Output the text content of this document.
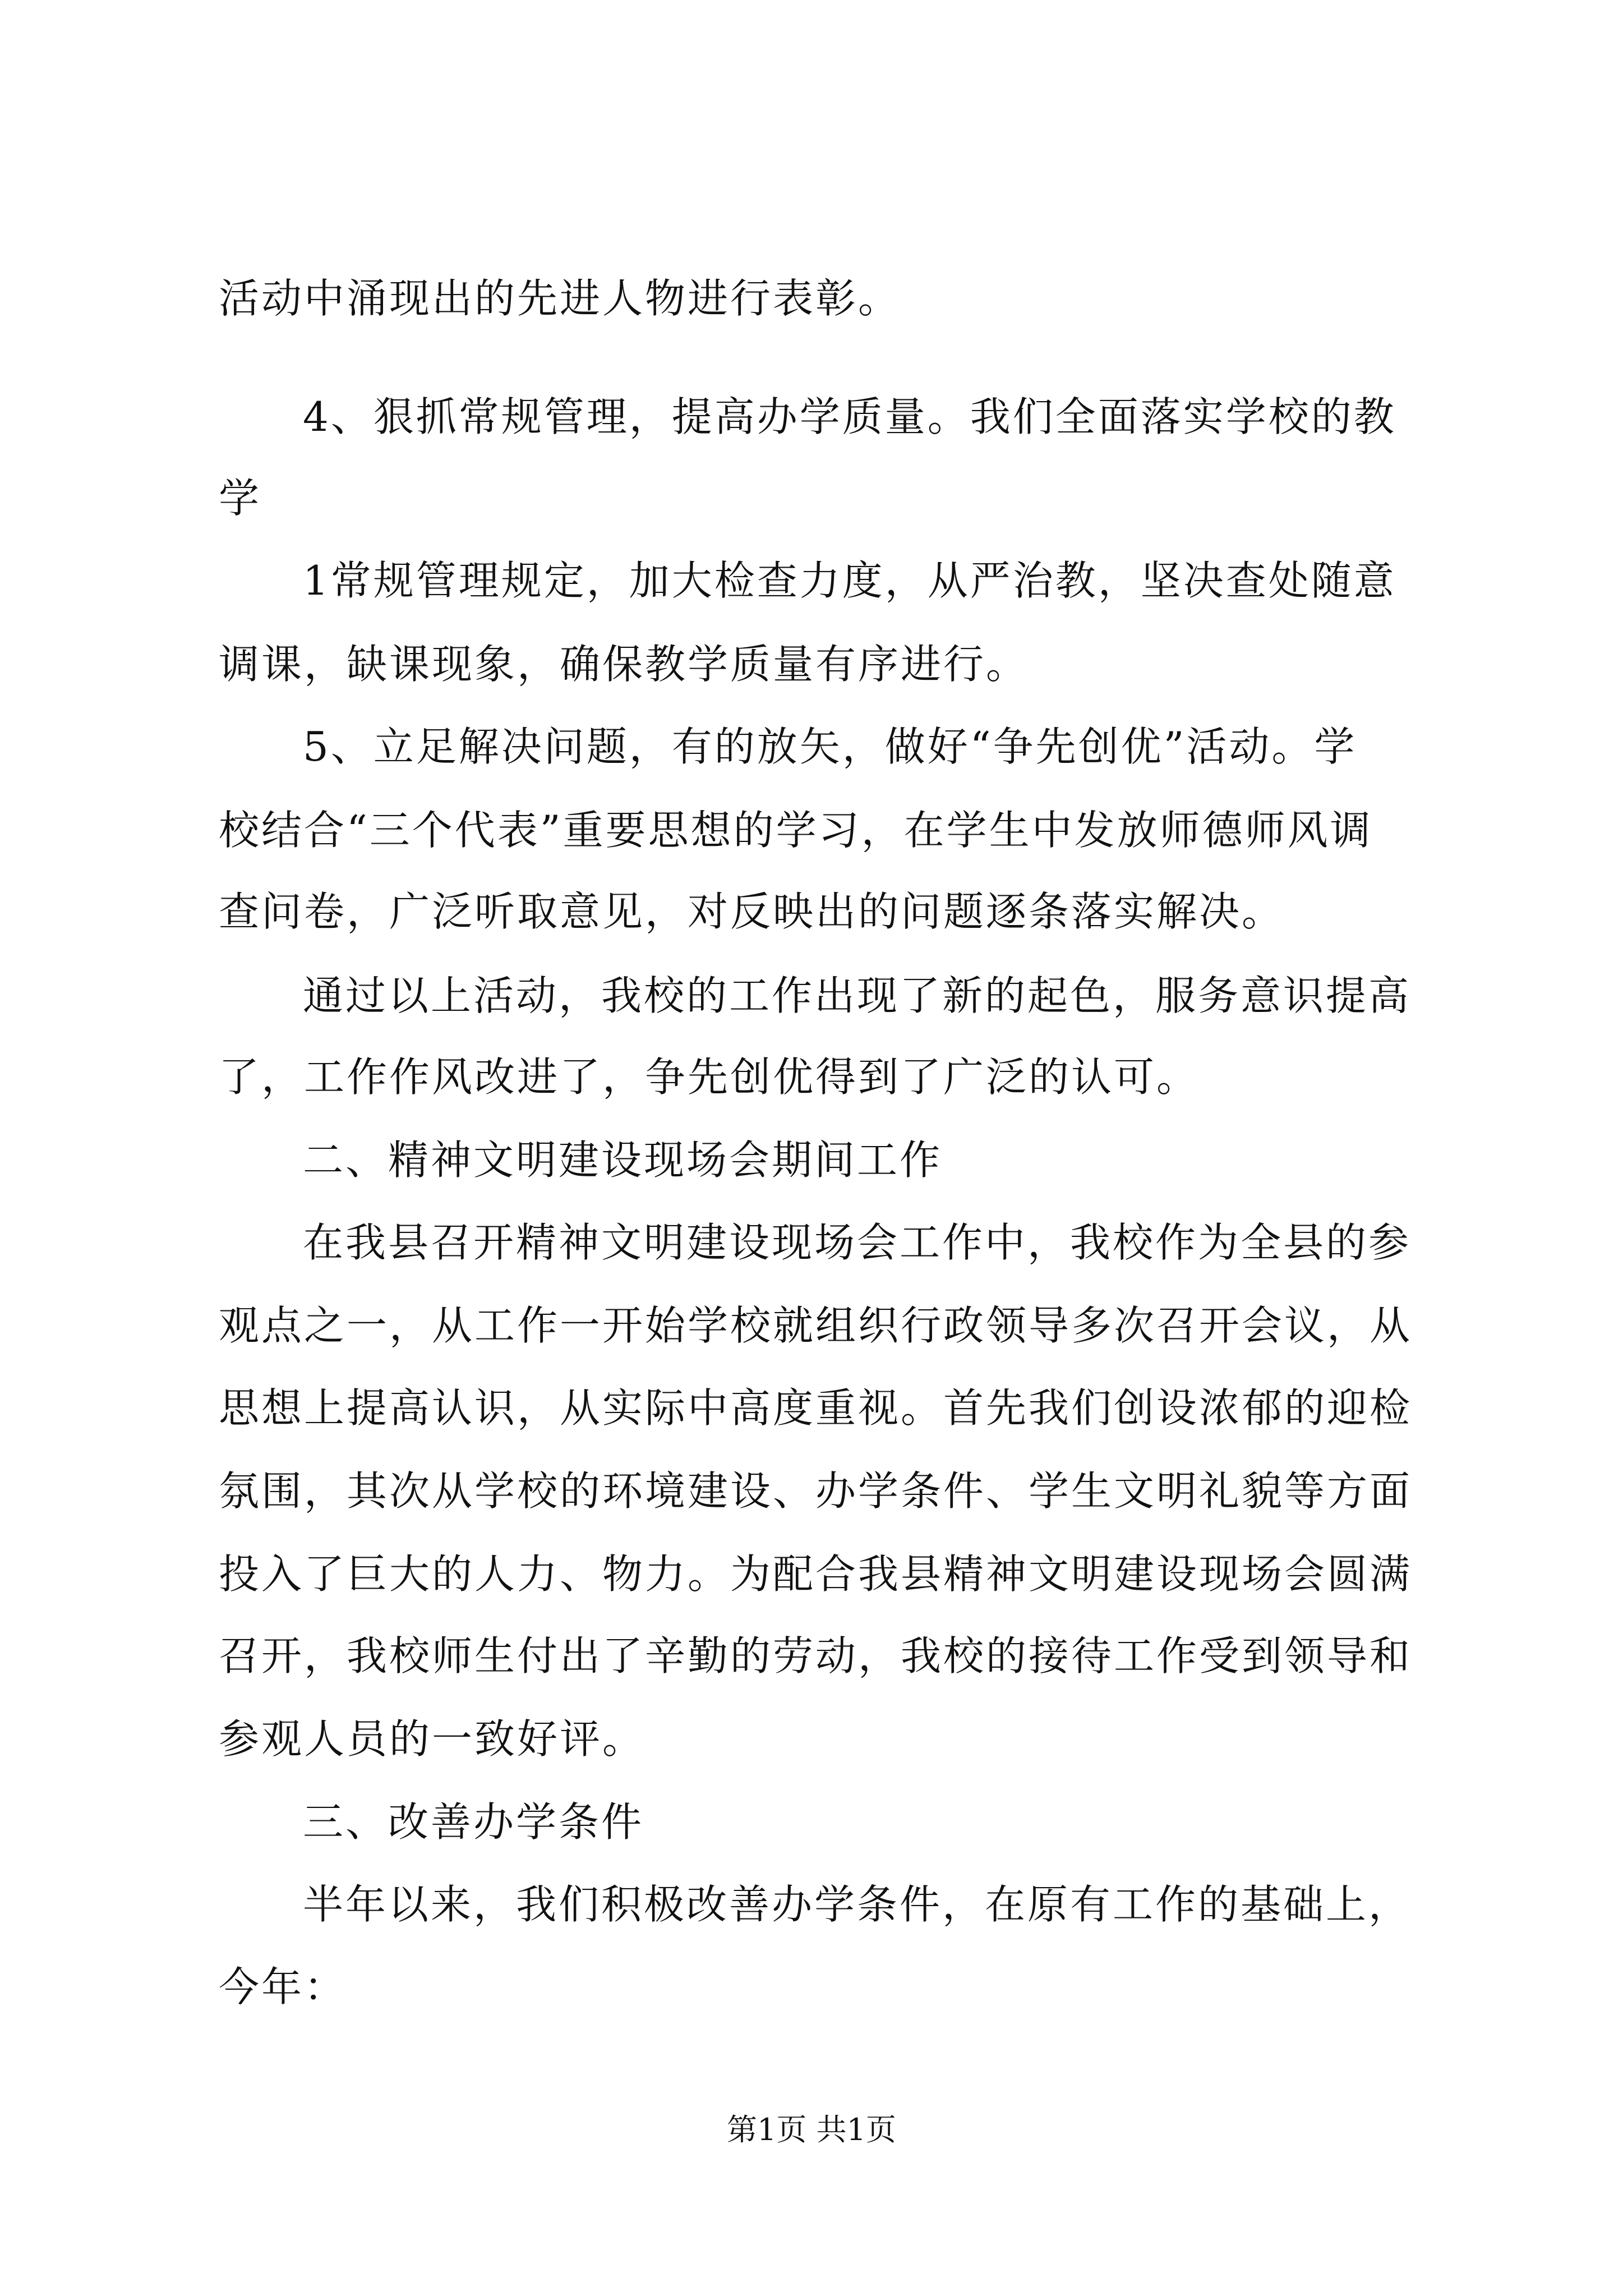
活动中涌现出的先进人物进行表彰。
4、狠抓常规管理，提高办学质量。我们全面落实学校的教
学
1常规管理规定，加大检查力度，从严治教，坚决查处随意
调课，缺课现象，确保教学质量有序进行。
5、立足解决问题，有的放矢，做好“争先创优”活动。学
校结合“三个代表”重要思想的学习，在学生中发放师德师风调
查问卷，广泛听取意见，对反映出的问题逐条落实解决。
通过以上活动，我校的工作出现了新的起色，服务意识提高
了，工作作风改进了，争先创优得到了广泛的认可。
二、精神文明建设现场会期间工作
在我县召开精神文明建设现场会工作中，我校作为全县的参
观点之一，从工作一开始学校就组织行政领导多次召开会议，从
思想上提高认识，从实际中高度重视。首先我们创设浓郁的迎检
氛围，其次从学校的环境建设、办学条件、学生文明礼貌等方面
投入了巨大的人力、物力。为配合我县精神文明建设现场会圆满
召开，我校师生付出了辛勤的劳动，我校的接待工作受到领导和
参观人员的一致好评。
三、改善办学条件
半年以来，我们积极改善办学条件，在原有工作的基础上，
今年：
第1页 共1页
